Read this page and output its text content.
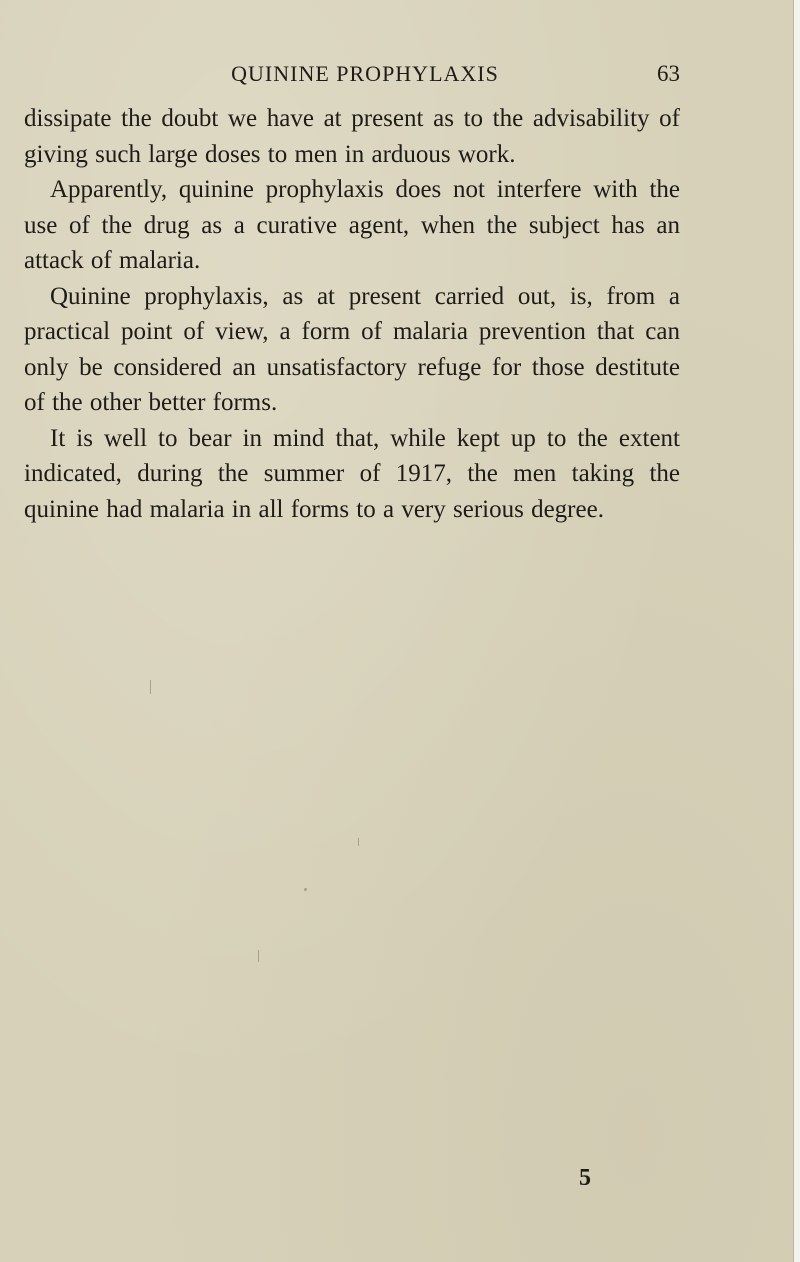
QUININE PROPHYLAXIS	63

dissipate the doubt we have at present as to the advisability of giving such large doses to men in arduous work.

Apparently, quinine prophylaxis does not interfere with the use of the drug as a curative agent, when the subject has an attack of malaria.

Quinine prophylaxis, as at present carried out, is, from a practical point of view, a form of malaria prevention that can only be considered an unsatisfactory refuge for those destitute of the other better forms.

It is well to bear in mind that, while kept up to the extent indicated, during the summer of 1917, the men taking the quinine had malaria in all forms to a very serious degree.

5
